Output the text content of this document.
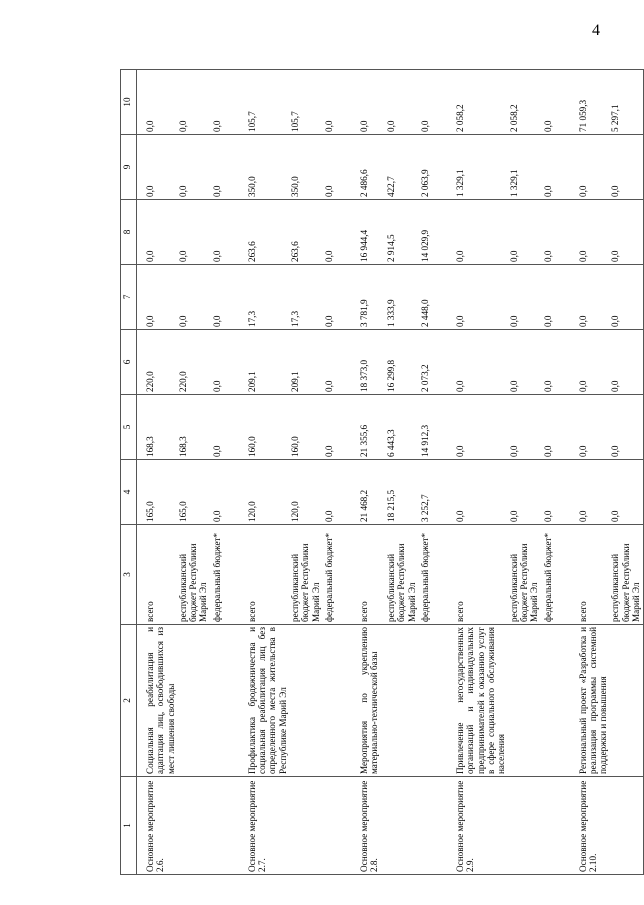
4
1	2	3	4	5	6	7	8	9	10
Основное мероприятие 2.6.	Социальная реабилитация и адаптация лиц, освободившихся из мест лишения свободы	всего	165,0	168,3	220,0	0,0	0,0	0,0	0,0
		республиканский бюджет Республики Марий Эл	165,0	168,3	220,0	0,0	0,0	0,0	0,0
		федеральный бюджет*	0,0	0,0	0,0	0,0	0,0	0,0	0,0
Основное мероприятие 2.7.	Профилактика бродяжничества и социальная реабилитация лиц без определенного места жительства в Республике Марий Эл	всего	120,0	160,0	209,1	17,3	263,6	350,0	105,7
		республиканский бюджет Республики Марий Эл	120,0	160,0	209,1	17,3	263,6	350,0	105,7
		федеральный бюджет*	0,0	0,0	0,0	0,0	0,0	0,0	0,0
Основное мероприятие 2.8.	Мероприятия по укреплению материально-технической базы	всего	21 468,2	21 355,6	18 373,0	3 781,9	16 944,4	2 486,6	0,0
		республиканский бюджет Республики Марий Эл	18 215,5	6 443,3	16 299,8	1 333,9	2 914,5	422,7	0,0
		федеральный бюджет*	3 252,7	14 912,3	2 073,2	2 448,0	14 029,9	2 063,9	0,0
Основное мероприятие 2.9.	Привлечение негосударственных организаций и индивидуальных предпринимателей к оказанию услуг в сфере социального обслуживания населения	всего	0,0	0,0	0,0	0,0	0,0	1 329,1	2 058,2
		республиканский бюджет Республики Марий Эл	0,0	0,0	0,0	0,0	0,0	1 329,1	2 058,2
		федеральный бюджет*	0,0	0,0	0,0	0,0	0,0	0,0	0,0
Основное мероприятие 2.10.	Региональный проект «Разработка и реализация программы системной поддержки и повышения	всего	0,0	0,0	0,0	0,0	0,0	0,0	71 059,3
		республиканский бюджет Республики Марий Эл	0,0	0,0	0,0	0,0	0,0	0,0	5 297,1
